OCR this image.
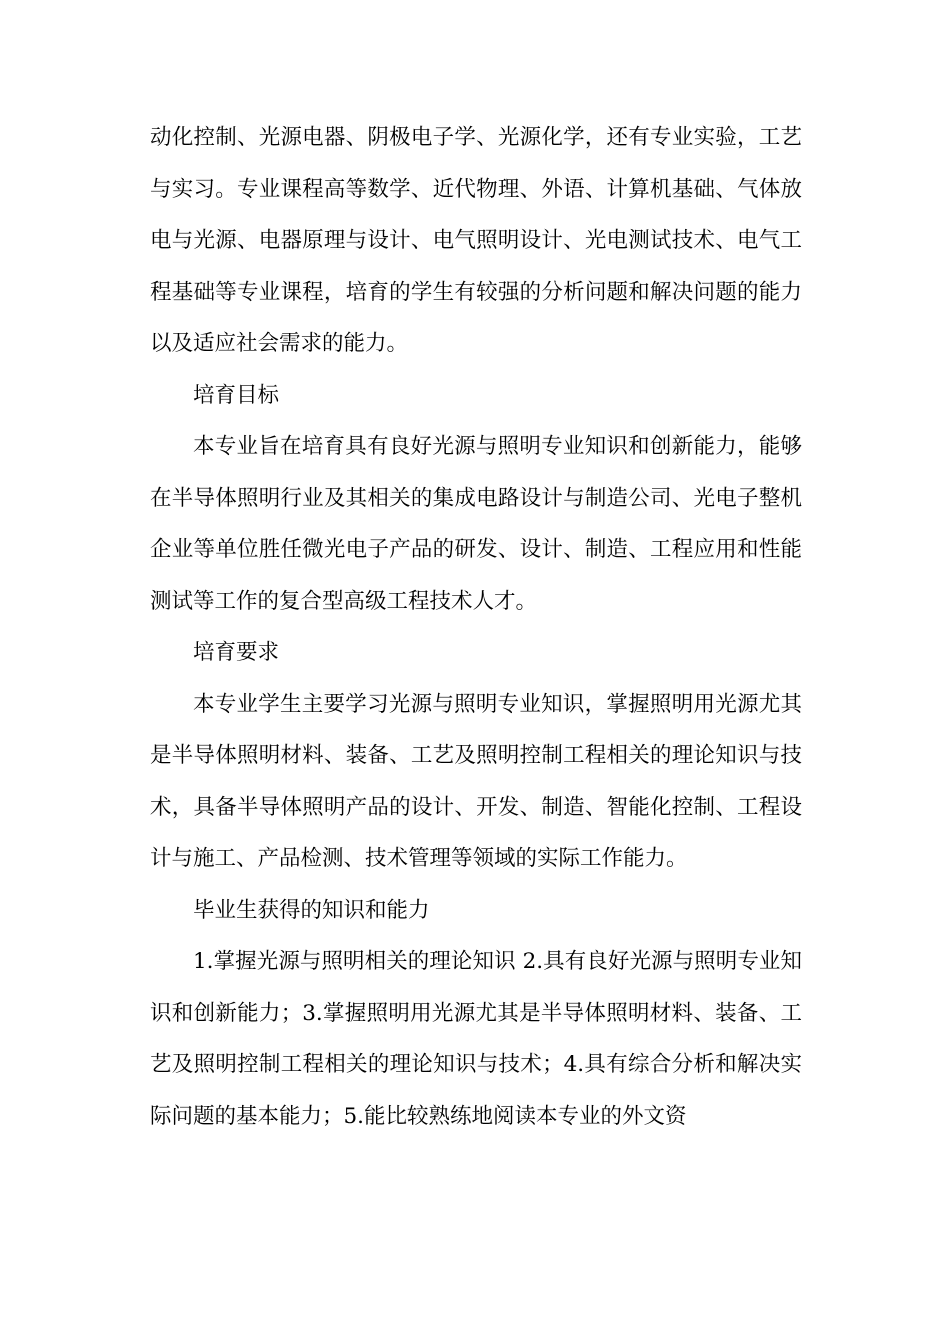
动化控制、光源电器、阴极电子学、光源化学，还有专业实验，工艺与实习。专业课程高等数学、近代物理、外语、计算机基础、气体放电与光源、电器原理与设计、电气照明设计、光电测试技术、电气工程基础等专业课程，培育的学生有较强的分析问题和解决问题的能力以及适应社会需求的能力。

培育目标

本专业旨在培育具有良好光源与照明专业知识和创新能力，能够在半导体照明行业及其相关的集成电路设计与制造公司、光电子整机企业等单位胜任微光电子产品的研发、设计、制造、工程应用和性能测试等工作的复合型高级工程技术人才。

培育要求

本专业学生主要学习光源与照明专业知识，掌握照明用光源尤其是半导体照明材料、装备、工艺及照明控制工程相关的理论知识与技术，具备半导体照明产品的设计、开发、制造、智能化控制、工程设计与施工、产品检测、技术管理等领域的实际工作能力。

毕业生获得的知识和能力

1.掌握光源与照明相关的理论知识 2.具有良好光源与照明专业知识和创新能力；3.掌握照明用光源尤其是半导体照明材料、装备、工艺及照明控制工程相关的理论知识与技术；4.具有综合分析和解决实际问题的基本能力；5.能比较熟练地阅读本专业的外文资
